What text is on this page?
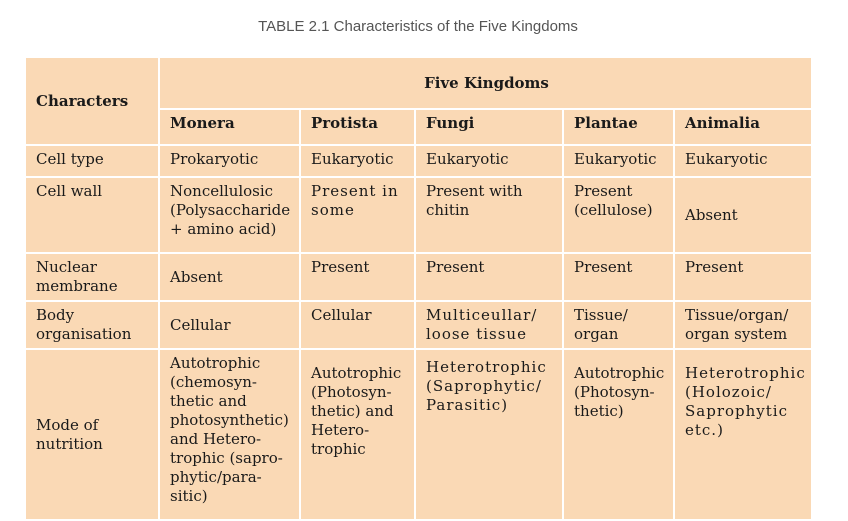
TABLE 2.1 Characteristics of the Five Kingdoms
Characters	Five Kingdoms				
	Monera	Protista	Fungi	Plantae	Animalia
Cell type	Prokaryotic	Eukaryotic	Eukaryotic	Eukaryotic	Eukaryotic
Cell wall	Noncellulosic (Polysaccharide + amino acid)	Present in some	Present with chitin	Present (cellulose)	Absent
Nuclear membrane	Absent	Present	Present	Present	Present
Body organisation	Cellular	Cellular	Multiceullar/ loose tissue	Tissue/ organ	Tissue/organ/ organ system
Mode of nutrition	Autotrophic (chemosyn-thetic and photosynthetic) and Hetero-trophic (sapro-phytic/para-sitic)	Autotrophic (Photosyn-thetic) and Hetero-trophic	Heterotrophic (Saprophytic/ Parasitic)	Autotrophic (Photosyn-thetic)	Heterotrophic (Holozoic/ Saprophytic etc.)
